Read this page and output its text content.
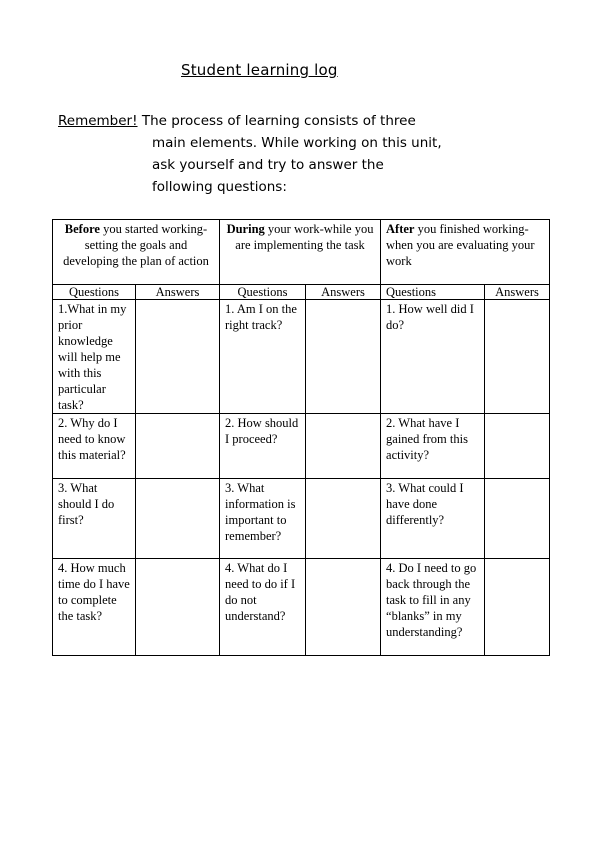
Student learning log
Remember! The process of learning consists of three
main elements. While working on this unit,
ask yourself and try to answer the
following questions:
Before you started working-setting the goals and developing the plan of action		During your work-while you are implementing the task		After you finished working- when you are evaluating your work	
Questions	Answers	Questions	Answers	Questions	Answers
1.What in my prior knowledge will help me with this particular task?		1. Am I on the right track?		1. How well did I do?	
2. Why do I need to know this material?		2. How should I proceed?		2. What have I gained from this activity?	
3. What should I do first?		3. What information is important to remember?		3. What could I have done differently?	
4. How much time do I have to complete the task?		4. What do I need to do if I do not understand?		4. Do I need to go back through the task to fill in any “blanks” in my understanding?	
